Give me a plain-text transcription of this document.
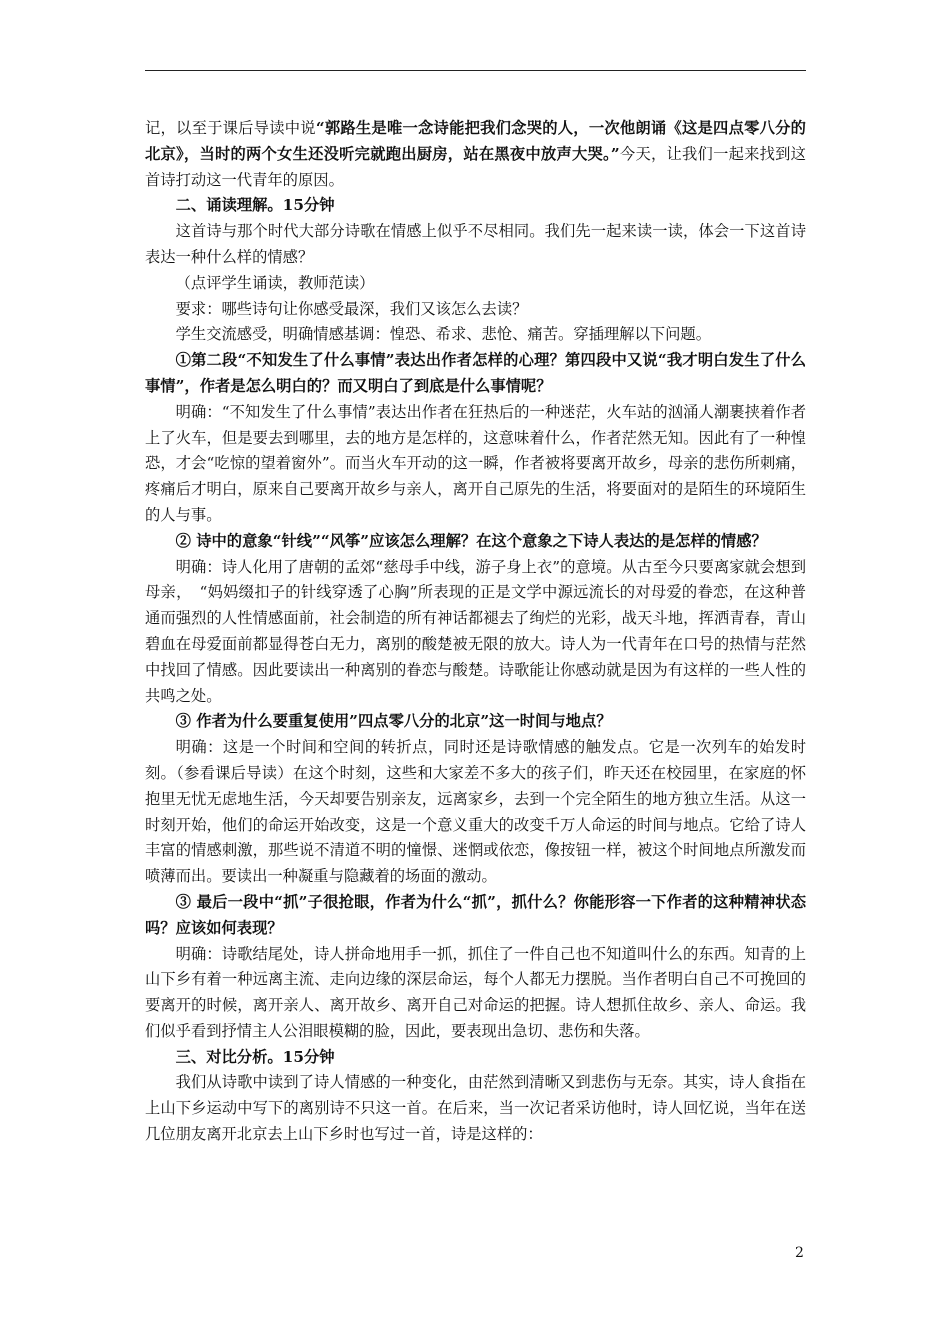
记，以至于课后导读中说“郭路生是唯一念诗能把我们念哭的人，一次他朗诵《这是四点零八分的北京》，当时的两个女生还没听完就跑出厨房，站在黑夜中放声大哭。”今天，让我们一起来找到这首诗打动这一代青年的原因。

二、诵读理解。15分钟

这首诗与那个时代大部分诗歌在情感上似乎不尽相同。我们先一起来读一读，体会一下这首诗表达一种什么样的情感？

（点评学生诵读，教师范读）

要求：哪些诗句让你感受最深，我们又该怎么去读？

学生交流感受，明确情感基调：惶恐、希求、悲怆、痛苦。穿插理解以下问题。

①第二段“不知发生了什么事情”表达出作者怎样的心理？第四段中又说“我才明白发生了什么事情”，作者是怎么明白的？而又明白了到底是什么事情呢？

明确：“不知发生了什么事情”表达出作者在狂热后的一种迷茫，火车站的汹涌人潮裹挟着作者上了火车，但是要去到哪里，去的地方是怎样的，这意味着什么，作者茫然无知。因此有了一种惶恐，才会“吃惊的望着窗外”。而当火车开动的这一瞬，作者被将要离开故乡，母亲的悲伤所刺痛，疼痛后才明白，原来自己要离开故乡与亲人，离开自己原先的生活，将要面对的是陌生的环境陌生的人与事。

② 诗中的意象“针线”“风筝”应该怎么理解？在这个意象之下诗人表达的是怎样的情感？

明确：诗人化用了唐朝的孟郊“慈母手中线，游子身上衣”的意境。从古至今只要离家就会想到母亲，　“妈妈缀扣子的针线穿透了心胸”所表现的正是文学中源远流长的对母爱的眷恋，在这种普通而强烈的人性情感面前，社会制造的所有神话都褪去了绚烂的光彩，战天斗地，挥洒青春，青山碧血在母爱面前都显得苍白无力，离别的酸楚被无限的放大。诗人为一代青年在口号的热情与茫然中找回了情感。因此要读出一种离别的眷恋与酸楚。诗歌能让你感动就是因为有这样的一些人性的共鸣之处。

③ 作者为什么要重复使用”四点零八分的北京”这一时间与地点？

明确：这是一个时间和空间的转折点，同时还是诗歌情感的触发点。它是一次列车的始发时刻。（参看课后导读）在这个时刻，这些和大家差不多大的孩子们，昨天还在校园里，在家庭的怀抱里无忧无虑地生活，今天却要告别亲友，远离家乡，去到一个完全陌生的地方独立生活。从这一时刻开始，他们的命运开始改变，这是一个意义重大的改变千万人命运的时间与地点。它给了诗人丰富的情感刺激，那些说不清道不明的憧憬、迷惘或依恋，像按钮一样，被这个时间地点所激发而喷薄而出。要读出一种凝重与隐藏着的场面的激动。

③ 最后一段中“抓”子很抢眼，作者为什么“抓”，抓什么？你能形容一下作者的这种精神状态吗？应该如何表现？

明确：诗歌结尾处，诗人拼命地用手一抓，抓住了一件自己也不知道叫什么的东西。知青的上山下乡有着一种远离主流、走向边缘的深层命运，每个人都无力摆脱。当作者明白自己不可挽回的要离开的时候，离开亲人、离开故乡、离开自己对命运的把握。诗人想抓住故乡、亲人、命运。我们似乎看到抒情主人公泪眼模糊的脸，因此，要表现出急切、悲伤和失落。

三、对比分析。15分钟

我们从诗歌中读到了诗人情感的一种变化，由茫然到清晰又到悲伤与无奈。其实，诗人食指在上山下乡运动中写下的离别诗不只这一首。在后来，当一次记者采访他时，诗人回忆说，当年在送几位朋友离开北京去上山下乡时也写过一首，诗是这样的：

2
